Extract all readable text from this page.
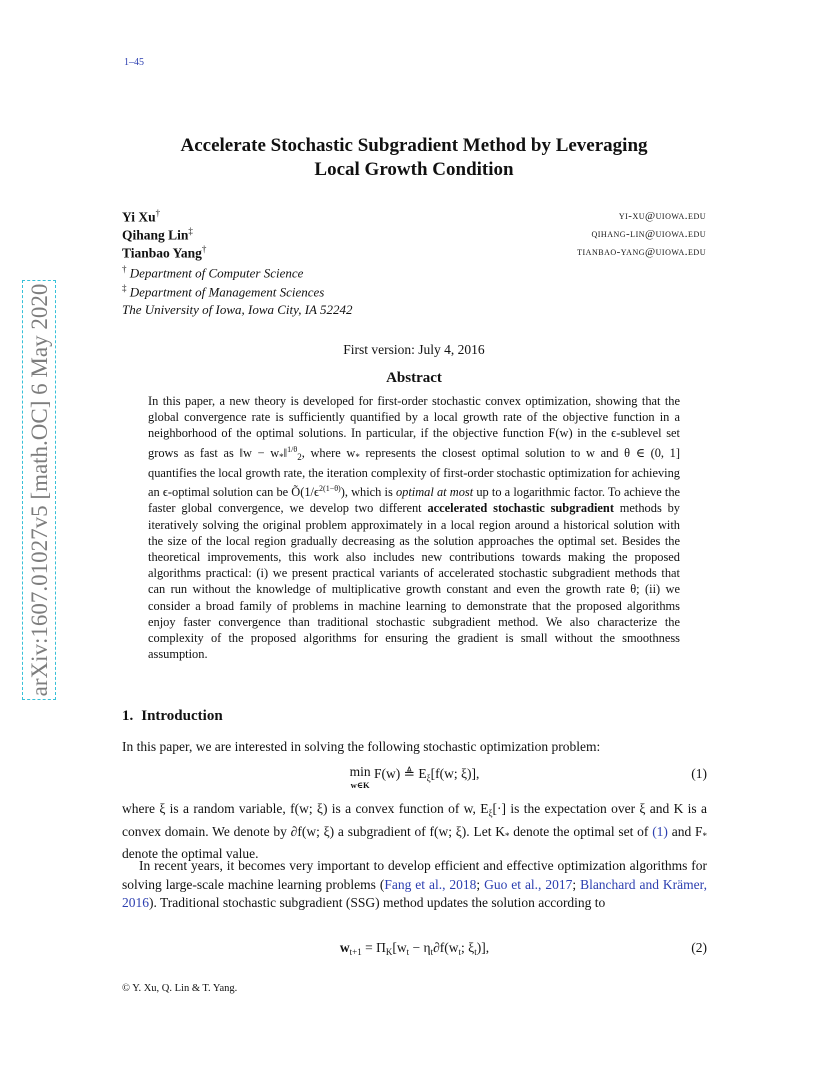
1–45
arXiv:1607.01027v5 [math.OC] 6 May 2020
Accelerate Stochastic Subgradient Method by Leveraging
Local Growth Condition
Yi Xu†
Qihang Lin‡
Tianbao Yang†
yi-xu@uiowa.edu
qihang-lin@uiowa.edu
tianbao-yang@uiowa.edu
† Department of Computer Science
‡ Department of Management Sciences
The University of Iowa, Iowa City, IA 52242
First version: July 4, 2016
Abstract

In this paper, a new theory is developed for first-order stochastic convex optimization, showing that the global convergence rate is sufficiently quantified by a local growth rate of the objective function in a neighborhood of the optimal solutions. In particular, if the objective function F(w) in the ϵ-sublevel set grows as fast as ‖w − $w_*‖^{1/\theta}_2$, where $w_*$ represents the closest optimal solution to w and θ ∈ (0, 1] quantifies the local growth rate, the iteration complexity of first-order stochastic optimization for achieving an ϵ-optimal solution can be $Õ(1/\epsilon^{2(1-\theta)})$, which is optimal at most up to a logarithmic factor. To achieve the faster global convergence, we develop two different accelerated stochastic subgradient methods by iteratively solving the original problem approximately in a local region around a historical solution with the size of the local region gradually decreasing as the solution approaches the optimal set. Besides the theoretical improvements, this work also includes new contributions towards making the proposed algorithms practical: (i) we present practical variants of accelerated stochastic subgradient methods that can run without the knowledge of multiplicative growth constant and even the growth rate θ; (ii) we consider a broad family of problems in machine learning to demonstrate that the proposed algorithms enjoy faster convergence than traditional stochastic subgradient method. We also characterize the complexity of the proposed algorithms for ensuring the gradient is small without the smoothness assumption.

1. Introduction

In this paper, we are interested in solving the following stochastic optimization problem:

min
w∈K F(w) ≜ $E_\xi[f(w$; ξ)],	(1)

where ξ is a random variable, f(w; ξ) is a convex function of w, $E_\xi[\cdot]$ is the expectation over ξ and K is a convex domain. We denote by ∂f(w; ξ) a subgradient of f(w; ξ). Let $K_*$ denote the optimal set of (1) and $F_*$ denote the optimal value.

In recent years, it becomes very important to develop efficient and effective optimization algorithms for solving large-scale machine learning problems (Fang et al., 2018; Guo et al., 2017; Blanchard and Krämer, 2016). Traditional stochastic subgradient (SSG) method updates the solution according to

$w_{t+1} = \Pi_K[w_t - \eta_t\partial f(w_t$; $\xi_t$)],	(2)
© Y. Xu, Q. Lin & T. Yang.
